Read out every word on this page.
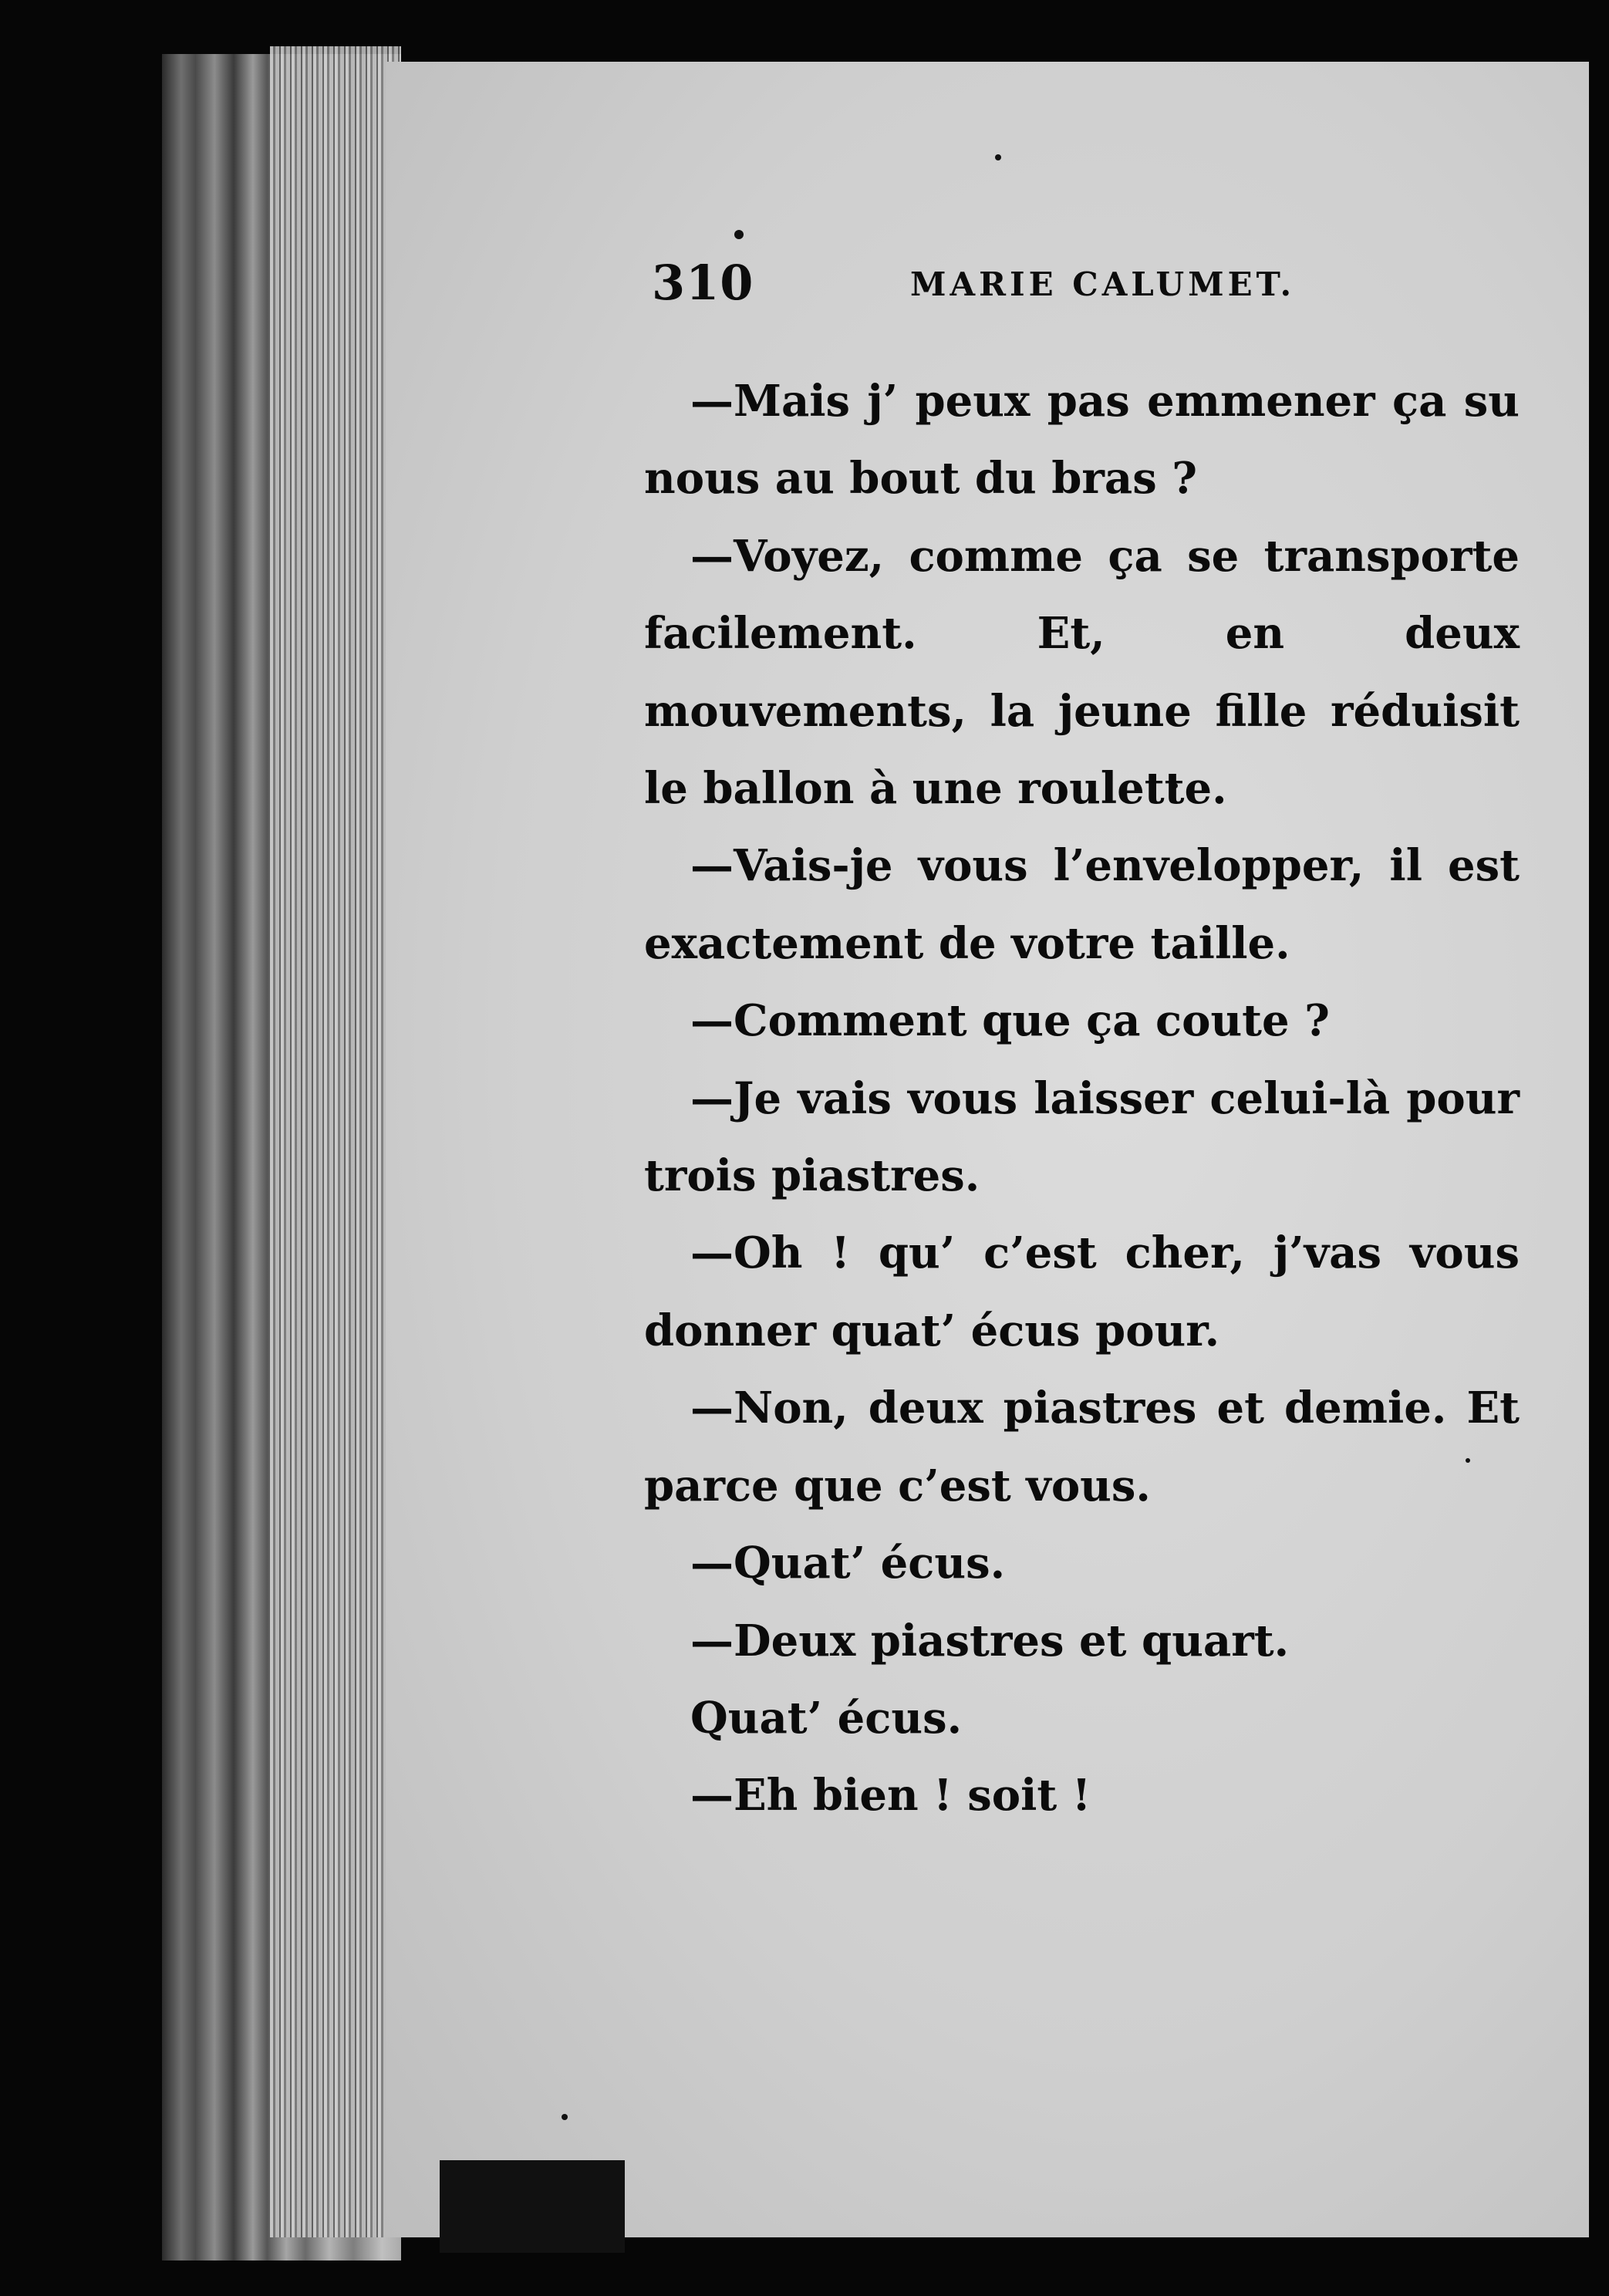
310	MARIE CALUMET.

—Mais j’ peux pas emmener ça su nous au bout du bras ?

—Voyez, comme ça se transporte facilement. Et, en deux mouvements, la jeune fille réduisit le ballon à une roulette.

—Vais-je vous l’envelopper, il est exactement de votre taille.

—Comment que ça coute ?

—Je vais vous laisser celui-là pour trois piastres.

—Oh ! qu’ c’est cher, j’vas vous donner quat’ écus pour.

—Non, deux piastres et demie. Et parce que c’est vous.

—Quat’ écus.

—Deux piastres et quart.

Quat’ écus.

—Eh bien ! soit !
